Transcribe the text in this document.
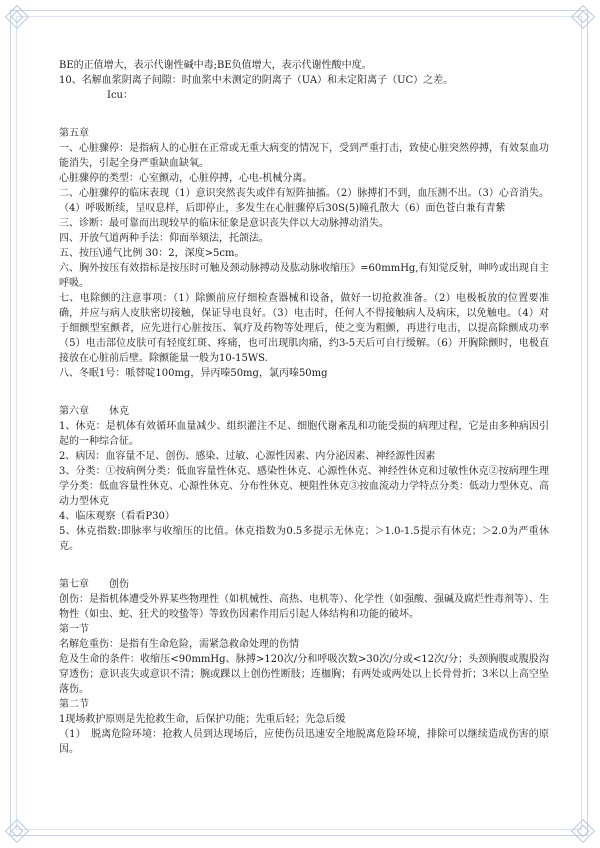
BE的正值增大，表示代谢性碱中毒;BE负值增大，表示代谢性酸中度。

10、名解血浆阴离子间隙：时血浆中未测定的阴离子（UA）和未定阳离子（UC）之差。

Icu：

第五章

一、心脏骤停：是指病人的心脏在正常或无重大病变的情况下，受到严重打击，致使心脏突然停搏，有效泵血功能消失，引起全身严重缺血缺氧。

心脏骤停的类型：心室颤动，心脏停搏，心电-机械分离。

二、心脏骤停的临床表现（1）意识突然丧失或伴有短阵抽搐。（2）脉搏扪不到，血压测不出。（3）心音消失。（4）呼吸断续，呈叹息样，后即停止，多发生在心脏骤停后30S(5)瞳孔散大（6）面色苍白兼有青紫

三、诊断：最可靠而出现较早的临床征象是意识丧失伴以大动脉搏动消失。

四、开放气道两种手法：仰面举颏法，托颌法。

五、按压\通气比例 30：2，深度>5cm。

六、胸外按压有效指标是按压时可触及颈动脉搏动及肱动脉收缩压》=60mmHg,有知觉反射，呻吟或出现自主呼吸。

七、电除颤的注意事项：（1）除颤前应仔细检查器械和设备，做好一切抢救准备。（2）电极板放的位置要准确，并应与病人皮肤密切接触，保证导电良好。（3）电击时，任何人不得接触病人及病床，以免触电。（4）对于细颤型室颤者，应先进行心脏按压、氧疗及药物等处理后，使之变为粗颤，再进行电击，以提高除颤成功率（5）电击部位皮肤可有轻度红斑、疼痛，也可出现肌肉痛，约3-5天后可自行缓解。（6）开胸除颤时，电极直接放在心脏前后壁。除颤能量一般为10-15WS.

八、冬眠1号：哌替啶100mg，异丙嗪50mg，氯丙嗪50mg

第六章　　休克

1、休克：是机体有效循环血量减少、组织灌注不足、细胞代谢紊乱和功能受损的病理过程，它是由多种病因引起的一种综合征。

2、病因：血容量不足、创伤、感染、过敏、心源性因素、内分泌因素、神经源性因素

3、分类：①按病例分类：低血容量性休克、感染性休克、心源性休克、神经性休克和过敏性休克②按病理生理学分类：低血容量性休克、心源性休克、分布性休克、梗阻性休克③按血流动力学特点分类：低动力型休克、高动力型休克

4、临床观察（看看P30）

5、休克指数:即脉率与收缩压的比值。休克指数为0.5多提示无休克；＞1.0-1.5提示有休克；＞2.0为严重休克。

第七章　　创伤

创伤：是指机体遭受外界某些物理性（如机械性、高热、电机等）、化学性（如强酸、强碱及腐烂性毒剂等）、生物性（如虫、蛇、狂犬的咬蛰等）等致伤因素作用后引起人体结构和功能的破坏。

第一节

名解危重伤：是指有生命危险，需紧急救命处理的伤情

危及生命的条件：收缩压<90mmHg、脉搏>120次/分和呼吸次数>30次/分或<12次/分；头颈胸腹或腹股沟穿透伤；意识丧失或意识不清；腕或踝以上创伤性断肢；连枷胸；有两处或两处以上长骨骨折；3米以上高空坠落伤。

第二节

1现场救护原则是先抢救生命，后保护功能；先重后轻；先急后缓

（1）　脱离危险环境：抢救人员到达现场后，应使伤员迅速安全地脱离危险环境，排除可以继续造成伤害的原因。
